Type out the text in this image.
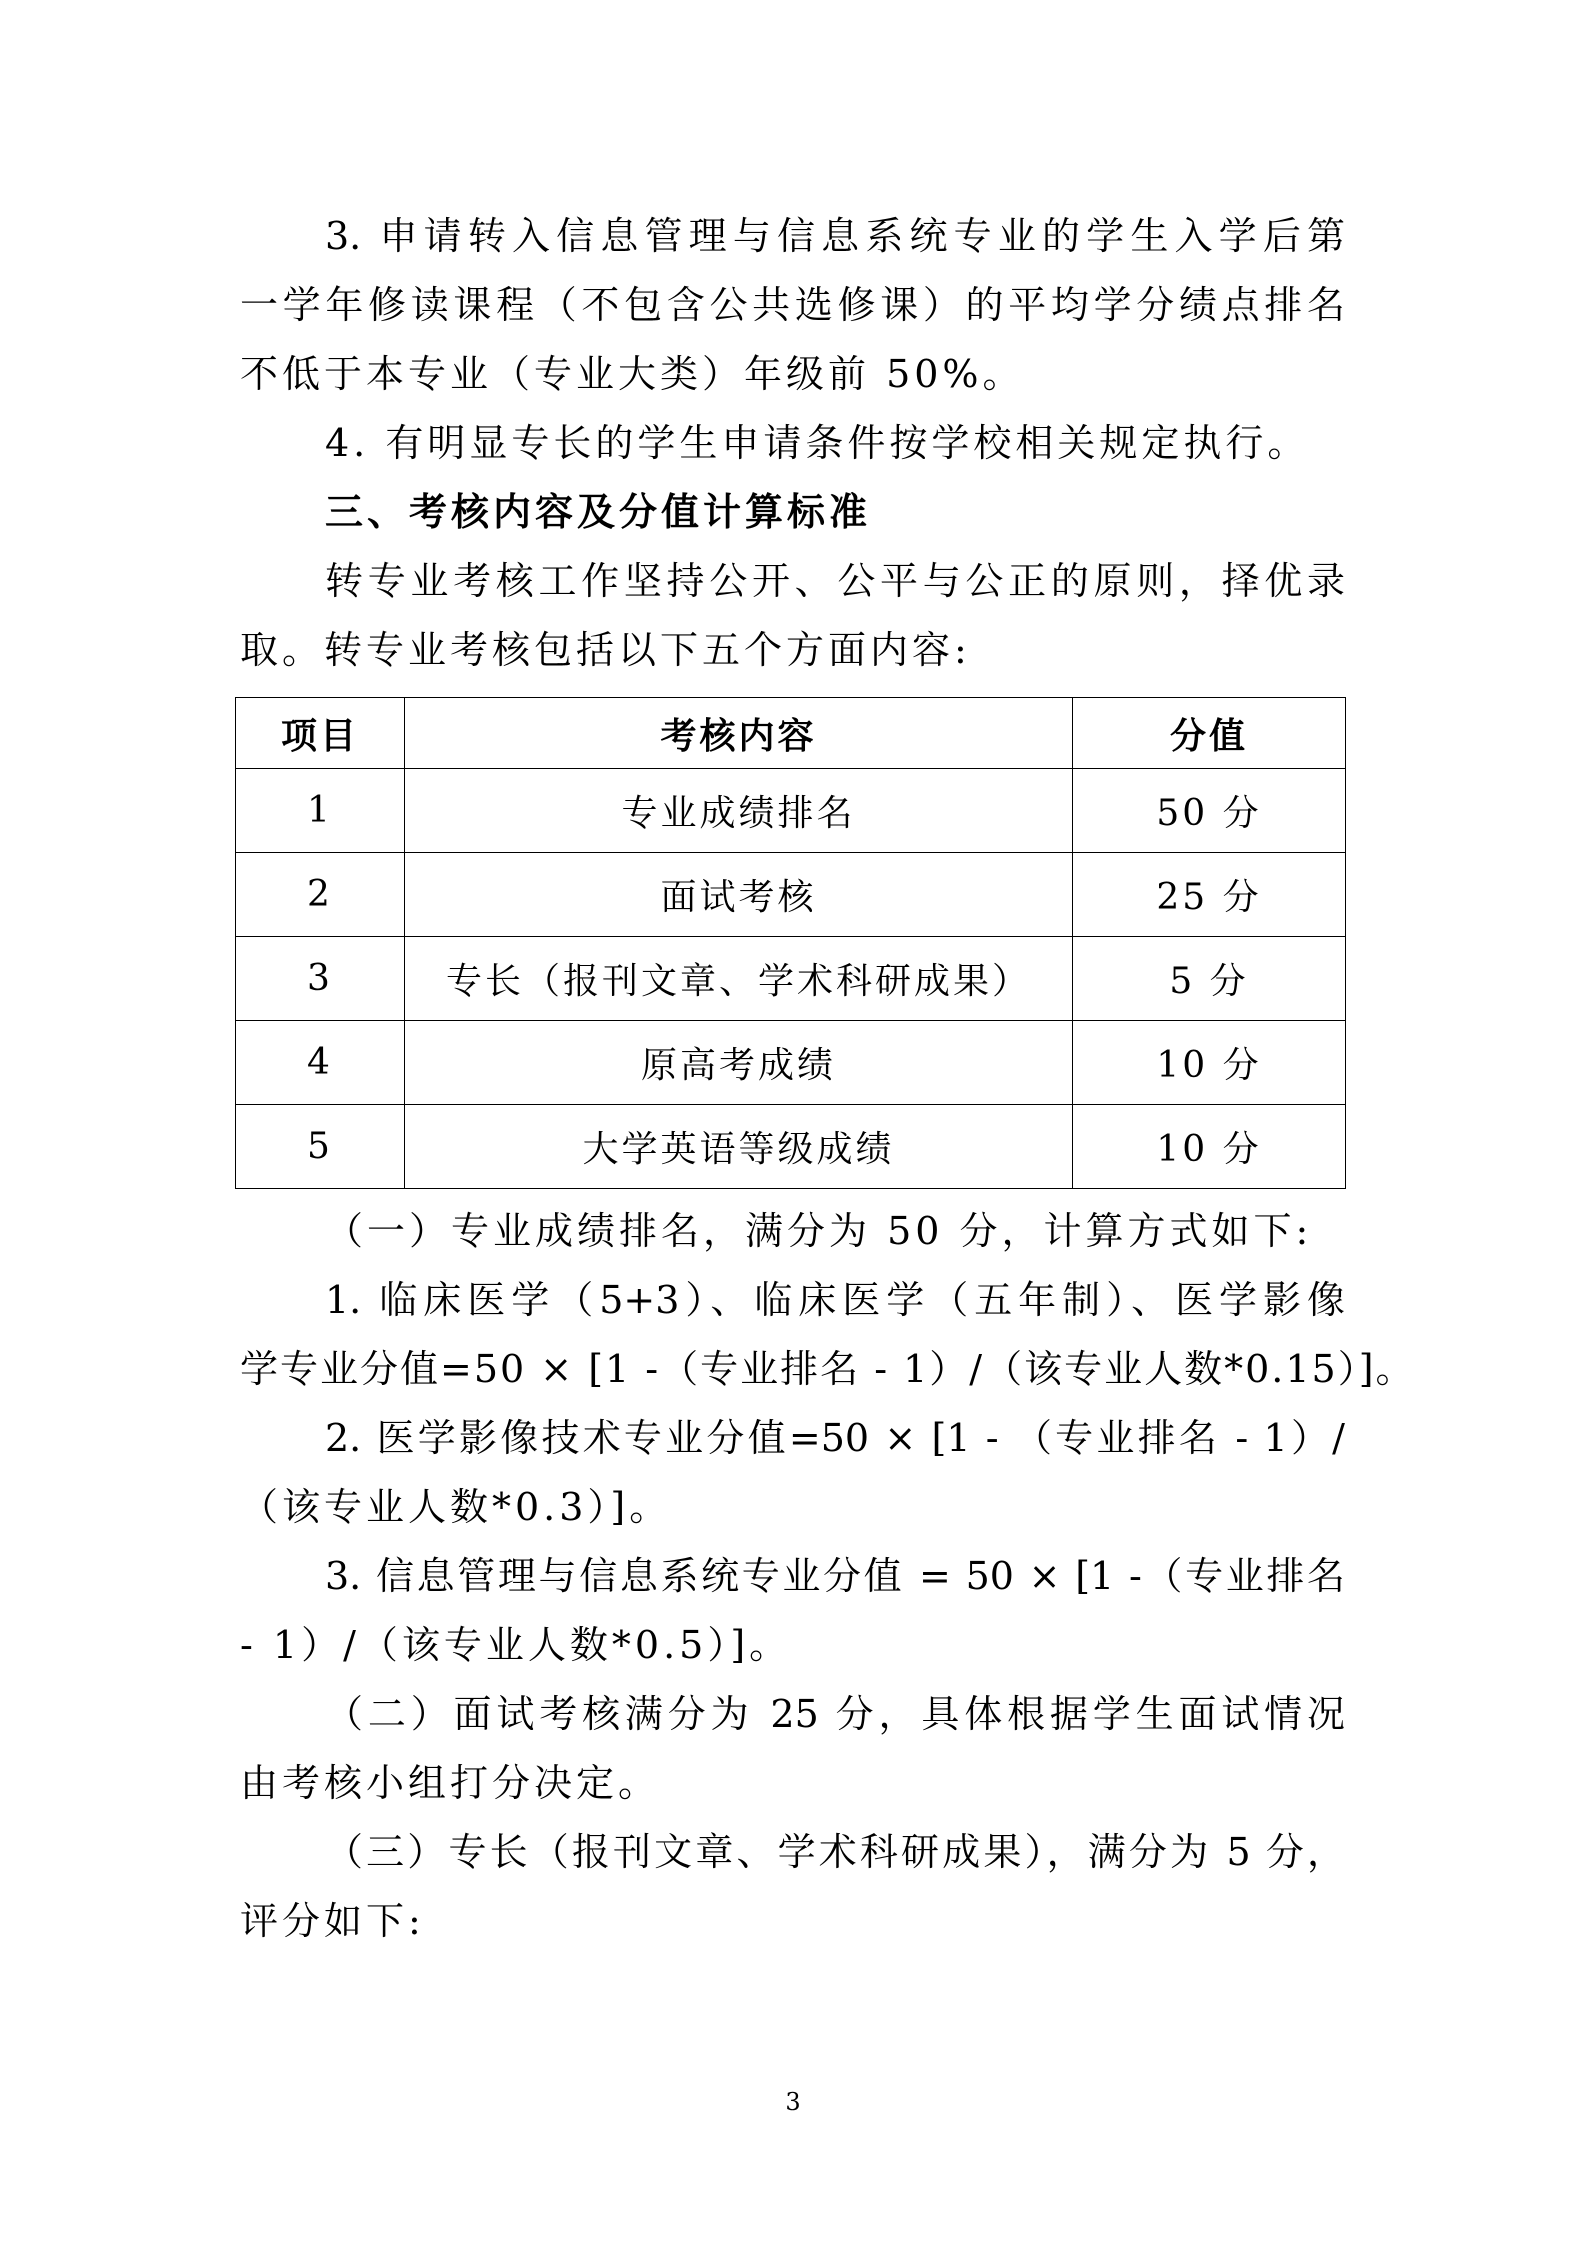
3. 申请转入信息管理与信息系统专业的学生入学后第
一学年修读课程（不包含公共选修课）的平均学分绩点排名
不低于本专业（专业大类）年级前 50%。
4. 有明显专长的学生申请条件按学校相关规定执行。
三、考核内容及分值计算标准
转专业考核工作坚持公开、公平与公正的原则，择优录
取。转专业考核包括以下五个方面内容:
项目	考核内容	分值
1	专业成绩排名	50 分
2	面试考核	25 分
3	专长（报刊文章、学术科研成果）	5 分
4	原高考成绩	10 分
5	大学英语等级成绩	10 分
（一）专业成绩排名，满分为 50 分，计算方式如下:
1. 临床医学（5+3）、临床医学（五年制）、医学影像
学专业分值=50 × [1 -（专业排名 - 1）/（该专业人数*0.15）]。
2. 医学影像技术专业分值=50 × [1 - （专业排名 - 1）/
（该专业人数*0.3）]。
3. 信息管理与信息系统专业分值 = 50 × [1 -（专业排名
- 1）/（该专业人数*0.5）]。
（二）面试考核满分为 25 分，具体根据学生面试情况
由考核小组打分决定。
（三）专长（报刊文章、学术科研成果），满分为 5 分，
评分如下:
3
